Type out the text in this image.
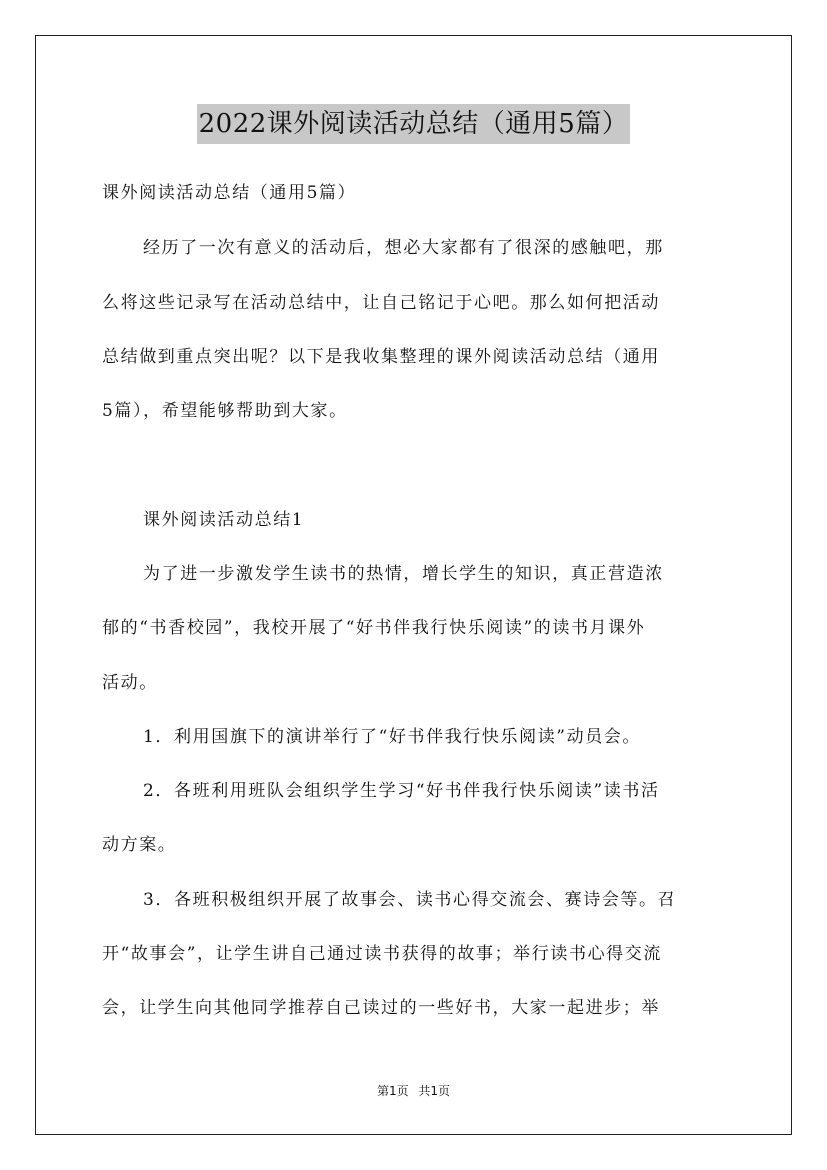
2022课外阅读活动总结（通用5篇）
课外阅读活动总结（通用5篇）
经历了一次有意义的活动后，想必大家都有了很深的感触吧，那
么将这些记录写在活动总结中，让自己铭记于心吧。那么如何把活动
总结做到重点突出呢？以下是我收集整理的课外阅读活动总结（通用
5篇），希望能够帮助到大家。
课外阅读活动总结1
为了进一步激发学生读书的热情，增长学生的知识，真正营造浓
郁的“书香校园”，我校开展了“好书伴我行快乐阅读”的读书月课外
活动。
1．利用国旗下的演讲举行了“好书伴我行快乐阅读”动员会。
2．各班利用班队会组织学生学习“好书伴我行快乐阅读”读书活
动方案。
3．各班积极组织开展了故事会、读书心得交流会、赛诗会等。召
开“故事会”，让学生讲自己通过读书获得的故事；举行读书心得交流
会，让学生向其他同学推荐自己读过的一些好书，大家一起进步；举
第1页 共1页
